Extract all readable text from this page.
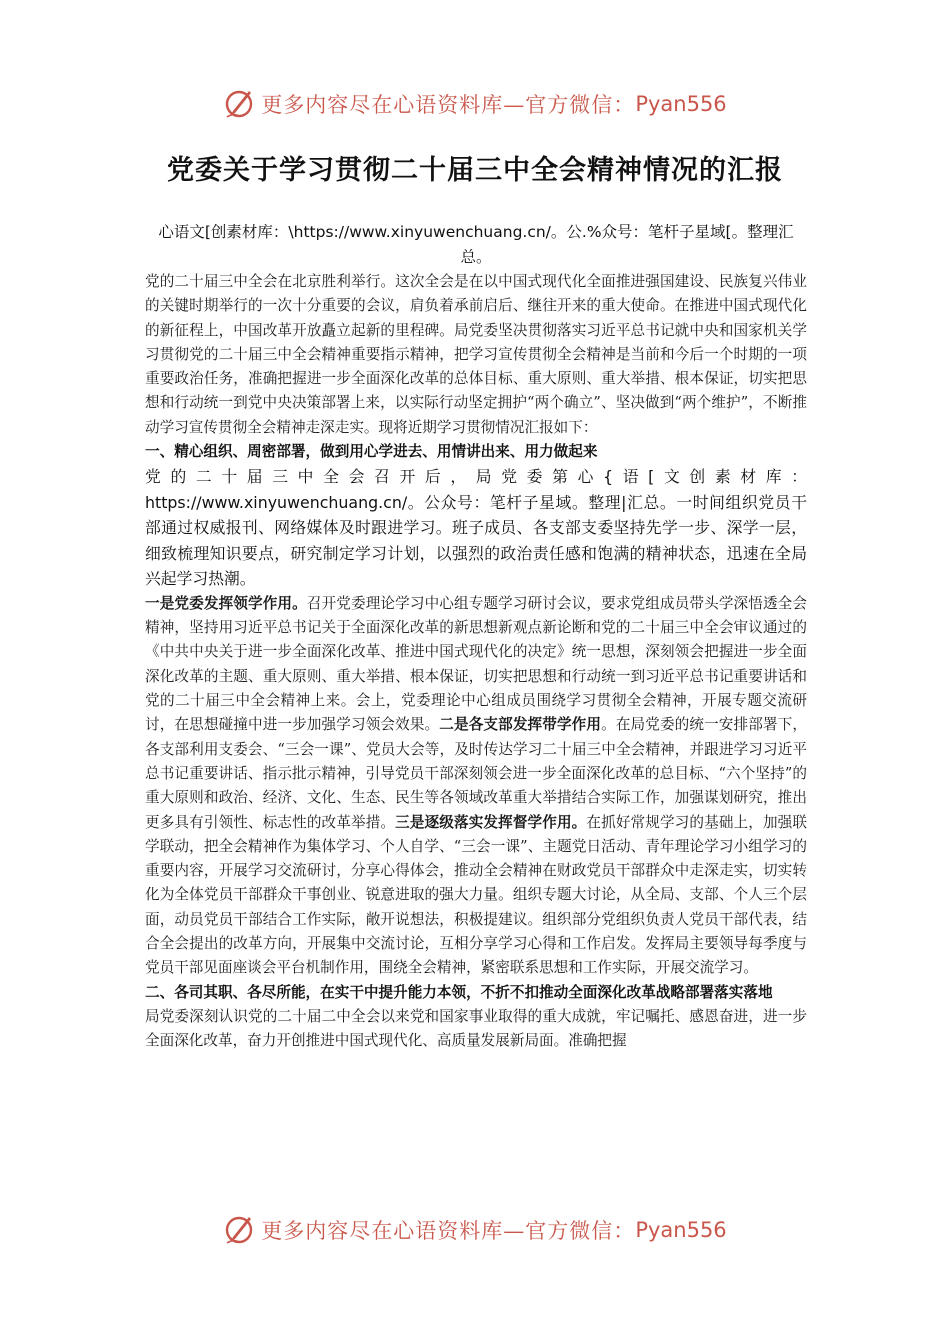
更多内容尽在心语资料库—官方微信： Pyan556
党委关于学习贯彻二十届三中全会精神情况的汇报

心语文[创素材库：\https://www.xinyuwenchuang.cn/。公.%众号：笔杆子星域[。整理汇总。

党的二十届三中全会在北京胜利举行。这次全会是在以中国式现代化全面推进强国建设、民族复兴伟业的关键时期举行的一次十分重要的会议，肩负着承前启后、继往开来的重大使命。在推进中国式现代化的新征程上，中国改革开放矗立起新的里程碑。局党委坚决贯彻落实习近平总书记就中央和国家机关学习贯彻党的二十届三中全会精神重要指示精神，把学习宣传贯彻全会精神是当前和今后一个时期的一项重要政治任务，准确把握进一步全面深化改革的总体目标、重大原则、重大举措、根本保证，切实把思想和行动统一到党中央决策部署上来，以实际行动坚定拥护“两个确立”、坚决做到“两个维护”，不断推动学习宣传贯彻全会精神走深走实。现将近期学习贯彻情况汇报如下：

一、精心组织、周密部署，做到用心学进去、用情讲出来、用力做起来

党的二十届三中全会召开后，局党委第心{语[文创素材库：https://www.xinyuwenchuang.cn/。公众号：笔杆子星域。整理|汇总。一时间组织党员干部通过权威报刊、网络媒体及时跟进学习。班子成员、各支部支委坚持先学一步、深学一层，细致梳理知识要点，研究制定学习计划，以强烈的政治责任感和饱满的精神状态，迅速在全局兴起学习热潮。

一是党委发挥领学作用。召开党委理论学习中心组专题学习研讨会议，要求党组成员带头学深悟透全会精神，坚持用习近平总书记关于全面深化改革的新思想新观点新论断和党的二十届三中全会审议通过的《中共中央关于进一步全面深化改革、推进中国式现代化的决定》统一思想，深刻领会把握进一步全面深化改革的主题、重大原则、重大举措、根本保证，切实把思想和行动统一到习近平总书记重要讲话和党的二十届三中全会精神上来。会上，党委理论中心组成员围绕学习贯彻全会精神，开展专题交流研讨，在思想碰撞中进一步加强学习领会效果。二是各支部发挥带学作用。在局党委的统一安排部署下，各支部利用支委会、“三会一课”、党员大会等，及时传达学习二十届三中全会精神，并跟进学习习近平总书记重要讲话、指示批示精神，引导党员干部深刻领会进一步全面深化改革的总目标、“六个坚持”的重大原则和政治、经济、文化、生态、民生等各领域改革重大举措结合实际工作，加强谋划研究，推出更多具有引领性、标志性的改革举措。三是逐级落实发挥督学作用。在抓好常规学习的基础上，加强联学联动，把全会精神作为集体学习、个人自学、“三会一课”、主题党日活动、青年理论学习小组学习的重要内容，开展学习交流研讨，分享心得体会，推动全会精神在财政党员干部群众中走深走实，切实转化为全体党员干部群众干事创业、锐意进取的强大力量。组织专题大讨论，从全局、支部、个人三个层面，动员党员干部结合工作实际，敞开说想法，积极提建议。组织部分党组织负责人党员干部代表，结合全会提出的改革方向，开展集中交流讨论，互相分享学习心得和工作启发。发挥局主要领导每季度与党员干部见面座谈会平台机制作用，围绕全会精神，紧密联系思想和工作实际，开展交流学习。

二、各司其职、各尽所能，在实干中提升能力本领，不折不扣推动全面深化改革战略部署落实落地

局党委深刻认识党的二十届二中全会以来党和国家事业取得的重大成就，牢记嘱托、感恩奋进，进一步全面深化改革，奋力开创推进中国式现代化、高质量发展新局面。准确把握

更多内容尽在心语资料库—官方微信： Pyan556
